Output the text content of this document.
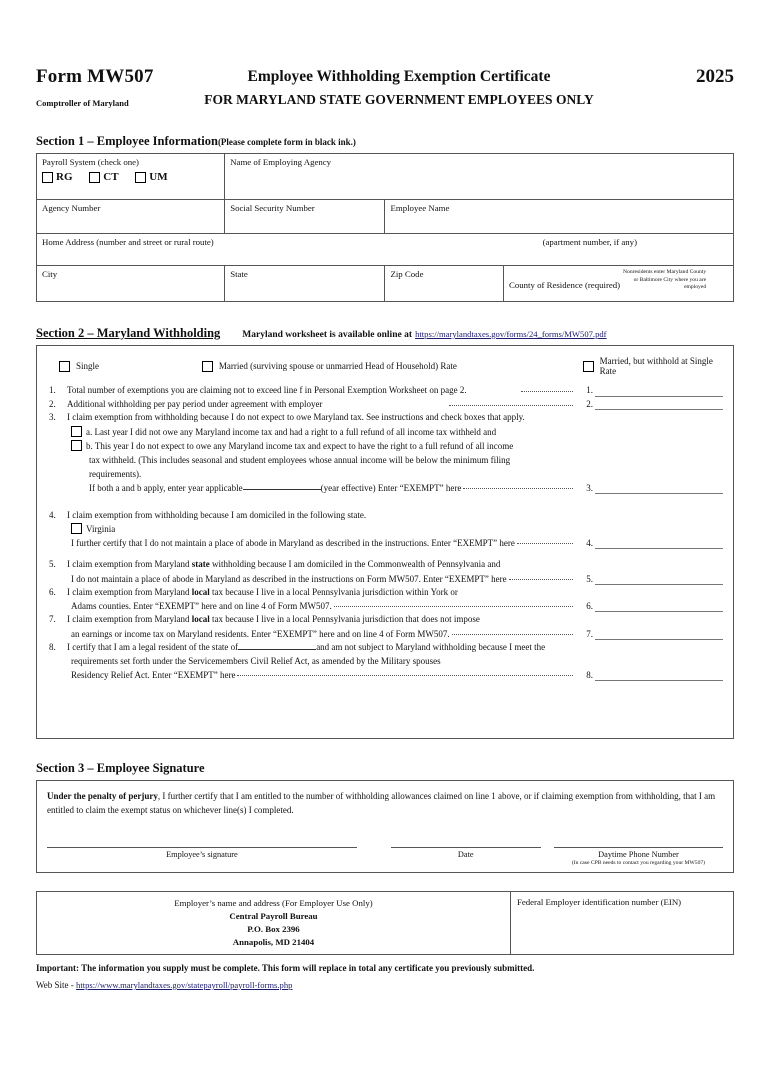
Form MW507
Comptroller of Maryland
Employee Withholding Exemption Certificate
FOR MARYLAND STATE GOVERNMENT EMPLOYEES ONLY
2025
Section 1 – Employee Information(Please complete form in black ink.)
Payroll System (check one)
RG CT UM	Name of Employing Agency		

Agency Number	Social Security Number	Employee Name	

Home Address (number and street or rural route) (apartment number, if any)			

City	State	Zip Code	County of Residence (required)Nonresidents enter Maryland County or Baltimore City where you are employed
Section 2 – Maryland Withholding Maryland worksheet is available online at https://marylandtaxes.gov/forms/24_forms/MW507.pdf
Single	Married (surviving spouse or unmarried Head of Household) Rate	Married, but withhold at Single Rate
1.	Total number of exemptions you are claiming not to exceed line f in Personal Exemption Worksheet on page 2.	1.
2.	Additional withholding per pay period under agreement with employer	2.
3.	I claim exemption from withholding because I do not expect to owe Maryland tax. See instructions and check boxes that apply.
a. Last year I did not owe any Maryland income tax and had a right to a full refund of all income tax withheld and
b. This year I do not expect to owe any Maryland income tax and expect to have the right to a full refund of all income
tax withheld. (This includes seasonal and student employees whose annual income will be below the minimum filing
requirements).
If both a and b apply, enter year applicable	(year effective) Enter “EXEMPT” here	3.
4.	I claim exemption from withholding because I am domiciled in the following state.
Virginia
I further certify that I do not maintain a place of abode in Maryland as described in the instructions. Enter “EXEMPT” here	4.
5.	I claim exemption from Maryland state withholding because I am domiciled in the Commonwealth of Pennsylvania and
I do not maintain a place of abode in Maryland as described in the instructions on Form MW507. Enter “EXEMPT” here	5.
6.	I claim exemption from Maryland local tax because I live in a local Pennsylvania jurisdiction within York or
Adams counties. Enter “EXEMPT” here and on line 4 of Form MW507.	6.
7.	I claim exemption from Maryland local tax because I live in a local Pennsylvania jurisdiction that does not impose
an earnings or income tax on Maryland residents. Enter “EXEMPT” here and on line 4 of Form MW507.	7.
8.	I certify that I am a legal resident of the state of	and am not subject to Maryland withholding because I meet the
requirements set forth under the Servicemembers Civil Relief Act, as amended by the Military spouses
Residency Relief Act. Enter “EXEMPT” here	8.
Section 3 – Employee Signature
Under the penalty of perjury, I further certify that I am entitled to the number of withholding allowances claimed on line 1 above, or if claiming exemption from withholding, that I am entitled to claim the exempt status on whichever line(s) I completed.
Employee’s signature	Date	Daytime Phone Number
(In case CPB needs to contact you regarding your MW507)
Employer’s name and address (For Employer Use Only)
Central Payroll Bureau
P.O. Box 2396
Annapolis, MD 21404

Federal Employer identification number (EIN)
Important: The information you supply must be complete. This form will replace in total any certificate you previously submitted.
Web Site - https://www.marylandtaxes.gov/statepayroll/payroll-forms.php
